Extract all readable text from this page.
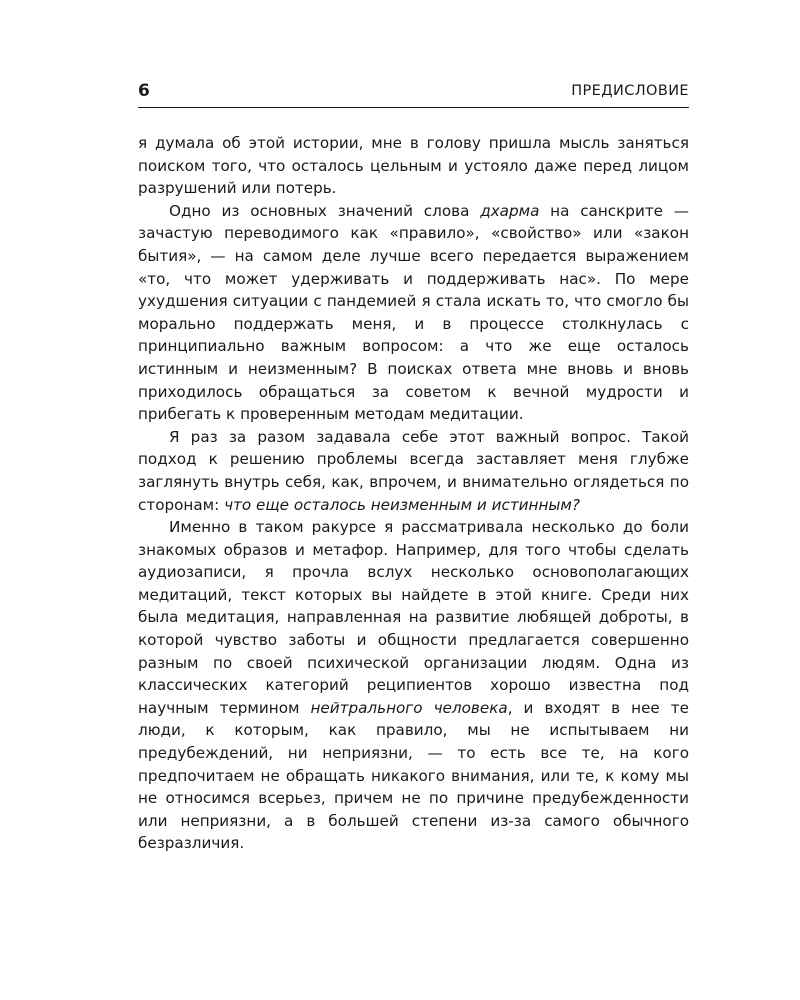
6	ПРЕДИСЛОВИЕ

я думала об этой истории, мне в голову пришла мысль заняться поиском того, что осталось цельным и устояло даже перед лицом разрушений или потерь.

Одно из основных значений слова дхарма на санскрите — зачастую переводимого как «правило», «свойство» или «закон бытия», — на самом деле лучше всего передается выражением «то, что может удерживать и поддерживать нас». По мере ухудшения ситуации с пандемией я стала искать то, что смогло бы морально поддержать меня, и в процессе столкнулась с принципиально важным вопросом: а что же еще осталось истинным и неизменным? В поисках ответа мне вновь и вновь приходилось обращаться за советом к вечной мудрости и прибегать к проверенным методам медитации.

Я раз за разом задавала себе этот важный вопрос. Такой подход к решению проблемы всегда заставляет меня глубже заглянуть внутрь себя, как, впрочем, и внимательно оглядеться по сторонам: что еще осталось неизменным и истинным?

Именно в таком ракурсе я рассматривала несколько до боли знакомых образов и метафор. Например, для того чтобы сделать аудиозаписи, я прочла вслух несколько основополагающих медитаций, текст которых вы найдете в этой книге. Среди них была медитация, направленная на развитие любящей доброты, в которой чувство заботы и общности предлагается совершенно разным по своей психической организации людям. Одна из классических категорий реципиентов хорошо известна под научным термином нейтрального человека, и входят в нее те люди, к которым, как правило, мы не испытываем ни предубеждений, ни неприязни, — то есть все те, на кого предпочитаем не обращать никакого внимания, или те, к кому мы не относимся всерьез, причем не по причине предубежденности или неприязни, а в большей степени из-за самого обычного безразличия.
